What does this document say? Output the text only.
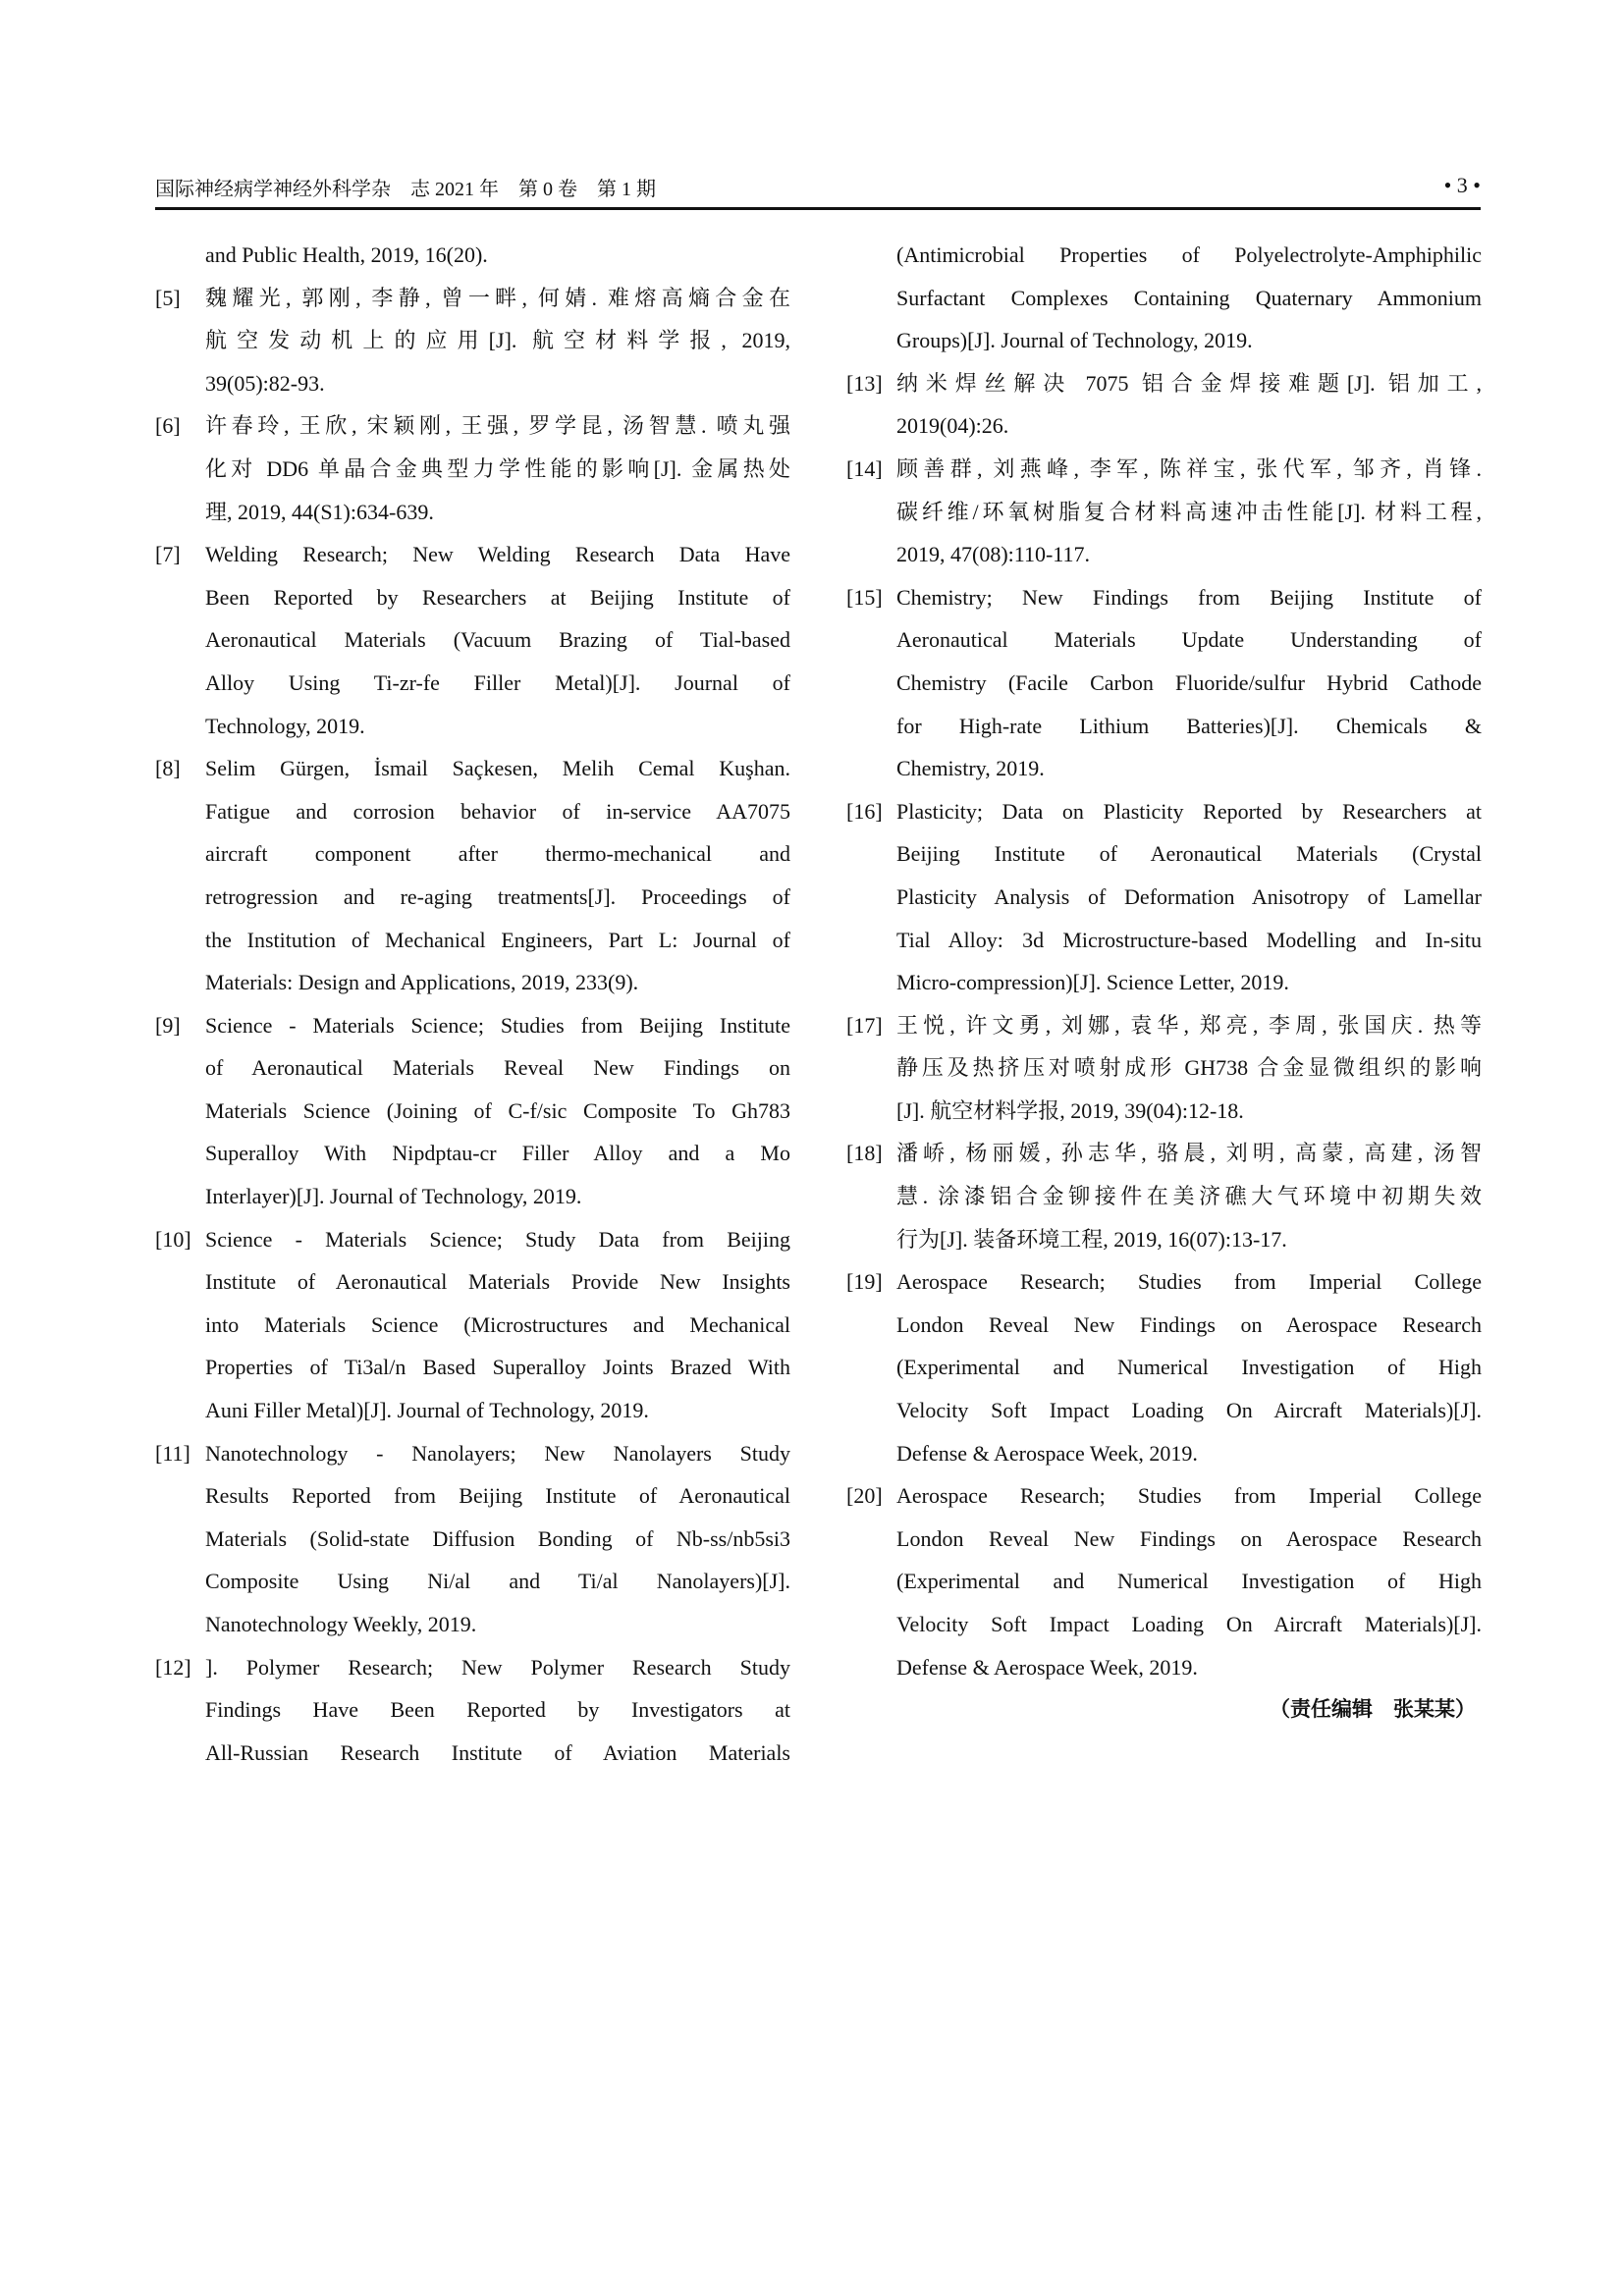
国际神经病学神经外科学杂    志 2021 年    第 0 卷    第 1 期	• 3 •
and Public Health, 2019, 16(20).
[5] 魏耀光, 郭刚, 李静, 曾一畔, 何婧. 难熔高熵合金在
航空发动机上的应用[J]. 航空材料学报, 2019,
39(05):82-93.
[6] 许春玲, 王欣, 宋颖刚, 王强, 罗学昆, 汤智慧. 喷丸强
化对 DD6 单晶合金典型力学性能的影响[J]. 金属热处
理, 2019, 44(S1):634-639.
[7] Welding Research; New Welding Research Data Have
Been Reported by Researchers at Beijing Institute of
Aeronautical Materials (Vacuum Brazing of Tial-based
Alloy Using Ti-zr-fe Filler Metal)[J]. Journal of
Technology, 2019.
[8] Selim Gürgen, İsmail Saçkesen, Melih Cemal Kuşhan.
Fatigue and corrosion behavior of in-service AA7075
aircraft component after thermo-mechanical and
retrogression and re-aging treatments[J]. Proceedings of
the Institution of Mechanical Engineers, Part L: Journal of
Materials: Design and Applications, 2019, 233(9).
[9] Science - Materials Science; Studies from Beijing Institute
of Aeronautical Materials Reveal New Findings on
Materials Science (Joining of C-f/sic Composite To Gh783
Superalloy With Nipdptau-cr Filler Alloy and a Mo
Interlayer)[J]. Journal of Technology, 2019.
[10] Science - Materials Science; Study Data from Beijing
Institute of Aeronautical Materials Provide New Insights
into Materials Science (Microstructures and Mechanical
Properties of Ti3al/n Based Superalloy Joints Brazed With
Auni Filler Metal)[J]. Journal of Technology, 2019.
[11] Nanotechnology - Nanolayers; New Nanolayers Study
Results Reported from Beijing Institute of Aeronautical
Materials (Solid-state Diffusion Bonding of Nb-ss/nb5si3
Composite Using Ni/al and Ti/al Nanolayers)[J].
Nanotechnology Weekly, 2019.
[12] ]. Polymer Research; New Polymer Research Study
Findings Have Been Reported by Investigators at
All-Russian Research Institute of Aviation Materials
(Antimicrobial Properties of Polyelectrolyte-Amphiphilic
Surfactant Complexes Containing Quaternary Ammonium
Groups)[J]. Journal of Technology, 2019.
[13] 纳米焊丝解决 7075 铝合金焊接难题[J]. 铝加工,
2019(04):26.
[14] 顾善群, 刘燕峰, 李军, 陈祥宝, 张代军, 邹齐, 肖锋.
碳纤维/环氧树脂复合材料高速冲击性能[J]. 材料工程,
2019, 47(08):110-117.
[15] Chemistry; New Findings from Beijing Institute of
Aeronautical Materials Update Understanding of
Chemistry (Facile Carbon Fluoride/sulfur Hybrid Cathode
for High-rate Lithium Batteries)[J]. Chemicals &
Chemistry, 2019.
[16] Plasticity; Data on Plasticity Reported by Researchers at
Beijing Institute of Aeronautical Materials (Crystal
Plasticity Analysis of Deformation Anisotropy of Lamellar
Tial Alloy: 3d Microstructure-based Modelling and In-situ
Micro-compression)[J]. Science Letter, 2019.
[17] 王悦, 许文勇, 刘娜, 袁华, 郑亮, 李周, 张国庆. 热等
静压及热挤压对喷射成形 GH738 合金显微组织的影响
[J]. 航空材料学报, 2019, 39(04):12-18.
[18] 潘峤, 杨丽媛, 孙志华, 骆晨, 刘明, 高蒙, 高建, 汤智
慧. 涂漆铝合金铆接件在美济礁大气环境中初期失效
行为[J]. 装备环境工程, 2019, 16(07):13-17.
[19] Aerospace Research; Studies from Imperial College
London Reveal New Findings on Aerospace Research
(Experimental and Numerical Investigation of High
Velocity Soft Impact Loading On Aircraft Materials)[J].
Defense & Aerospace Week, 2019.
[20] Aerospace Research; Studies from Imperial College
London Reveal New Findings on Aerospace Research
(Experimental and Numerical Investigation of High
Velocity Soft Impact Loading On Aircraft Materials)[J].
Defense & Aerospace Week, 2019.
（责任编辑　张某某）
